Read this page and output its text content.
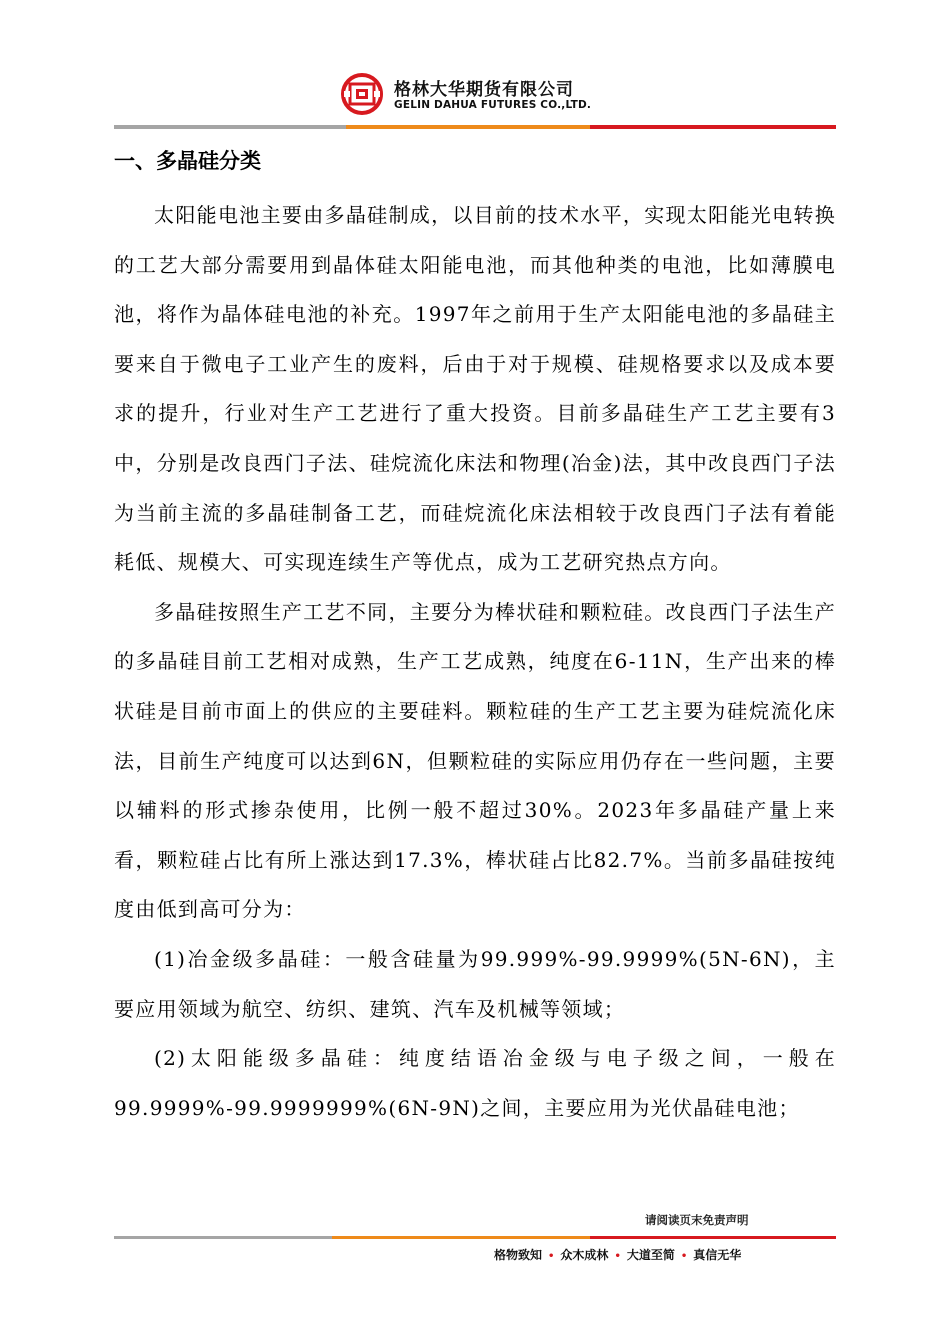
格林大华期货有限公司
GELIN DAHUA FUTURES CO.,LTD.
一、多晶硅分类

太阳能电池主要由多晶硅制成，以目前的技术水平，实现太阳能光电转换的工艺大部分需要用到晶体硅太阳能电池，而其他种类的电池，比如薄膜电池，将作为晶体硅电池的补充。1997年之前用于生产太阳能电池的多晶硅主要来自于微电子工业产生的废料，后由于对于规模、硅规格要求以及成本要求的提升，行业对生产工艺进行了重大投资。目前多晶硅生产工艺主要有3中，分别是改良西门子法、硅烷流化床法和物理(冶金)法，其中改良西门子法为当前主流的多晶硅制备工艺，而硅烷流化床法相较于改良西门子法有着能耗低、规模大、可实现连续生产等优点，成为工艺研究热点方向。

多晶硅按照生产工艺不同，主要分为棒状硅和颗粒硅。改良西门子法生产的多晶硅目前工艺相对成熟，生产工艺成熟，纯度在6-11N，生产出来的棒状硅是目前市面上的供应的主要硅料。颗粒硅的生产工艺主要为硅烷流化床法，目前生产纯度可以达到6N，但颗粒硅的实际应用仍存在一些问题，主要以辅料的形式掺杂使用，比例一般不超过30%。2023年多晶硅产量上来看，颗粒硅占比有所上涨达到17.3%，棒状硅占比82.7%。当前多晶硅按纯度由低到高可分为：

(1)冶金级多晶硅：一般含硅量为99.999%-99.9999%(5N-6N)，主要应用领域为航空、纺织、建筑、汽车及机械等领域；

(2)太阳能级多晶硅：纯度结语冶金级与电子级之间，一般在99.9999%-99.9999999%(6N-9N)之间，主要应用为光伏晶硅电池；

请阅读页末免责声明
格物致知 • 众木成林 • 大道至简 • 真信无华
